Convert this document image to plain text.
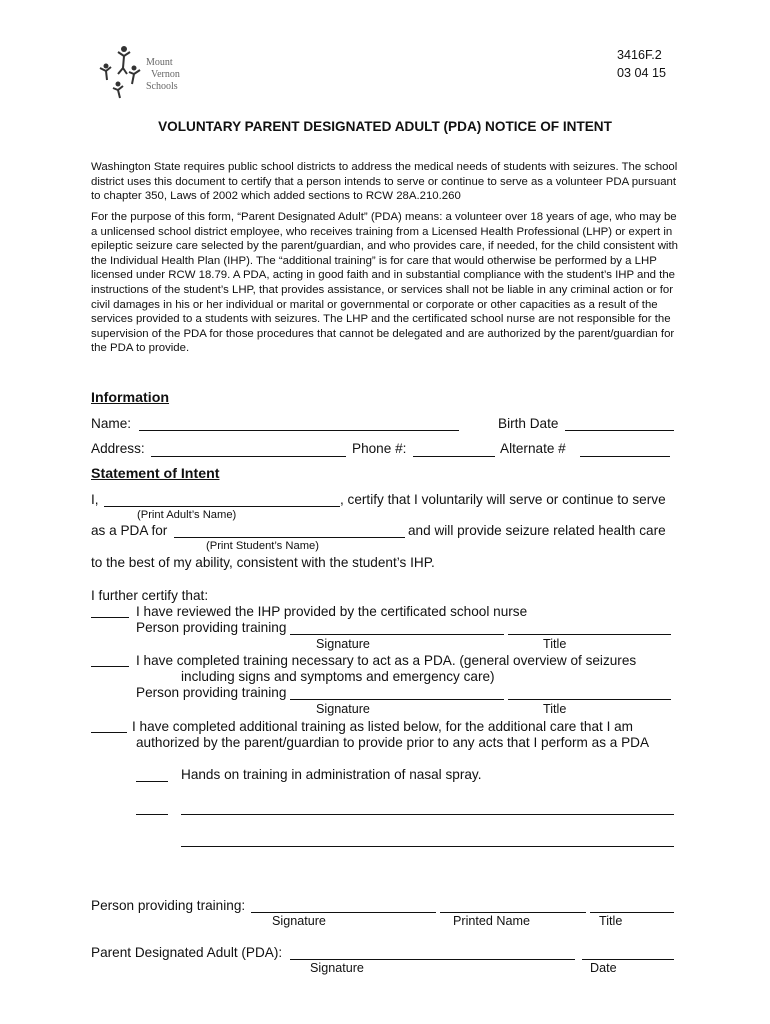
Mount
Vernon
Schools
3416F.2
03 04 15
VOLUNTARY PARENT DESIGNATED ADULT (PDA) NOTICE OF INTENT
Washington State requires public school districts to address the medical needs of students with seizures. The school district uses this document to certify that a person intends to serve or continue to serve as a volunteer PDA pursuant to chapter 350, Laws of 2002 which added sections to RCW 28A.210.260
For the purpose of this form, “Parent Designated Adult” (PDA) means: a volunteer over 18 years of age, who may be a unlicensed school district employee, who receives training from a Licensed Health Professional (LHP) or expert in epileptic seizure care selected by the parent/guardian, and who provides care, if needed, for the child consistent with the Individual Health Plan (IHP). The “additional training” is for care that would otherwise be performed by a LHP licensed under RCW 18.79. A PDA, acting in good faith and in substantial compliance with the student’s IHP and the instructions of the student’s LHP, that provides assistance, or services shall not be liable in any criminal action or for civil damages in his or her individual or marital or governmental or corporate or other capacities as a result of the services provided to a students with seizures. The LHP and the certificated school nurse are not responsible for the supervision of the PDA for those procedures that cannot be delegated and are authorized by the parent/guardian for the PDA to provide.
Information
Name:	Birth Date
Address:	Phone #:	Alternate #
Statement of Intent
I,	, certify that I voluntarily will serve or continue to serve
(Print Adult’s Name)
as a PDA for	and will provide seizure related health care
(Print Student’s Name)
to the best of my ability, consistent with the student’s IHP.
I further certify that:
I have reviewed the IHP provided by the certificated school nurse
Person providing training
Signature	Title
I have completed training necessary to act as a PDA. (general overview of seizures
including signs and symptoms and emergency care)
Person providing training
Signature	Title
I have completed additional training as listed below, for the additional care that I am
authorized by the parent/guardian to provide prior to any acts that I perform as a PDA
Hands on training in administration of nasal spray.
Person providing training:
Signature	Printed Name	Title
Parent Designated Adult (PDA):
Signature	Date
